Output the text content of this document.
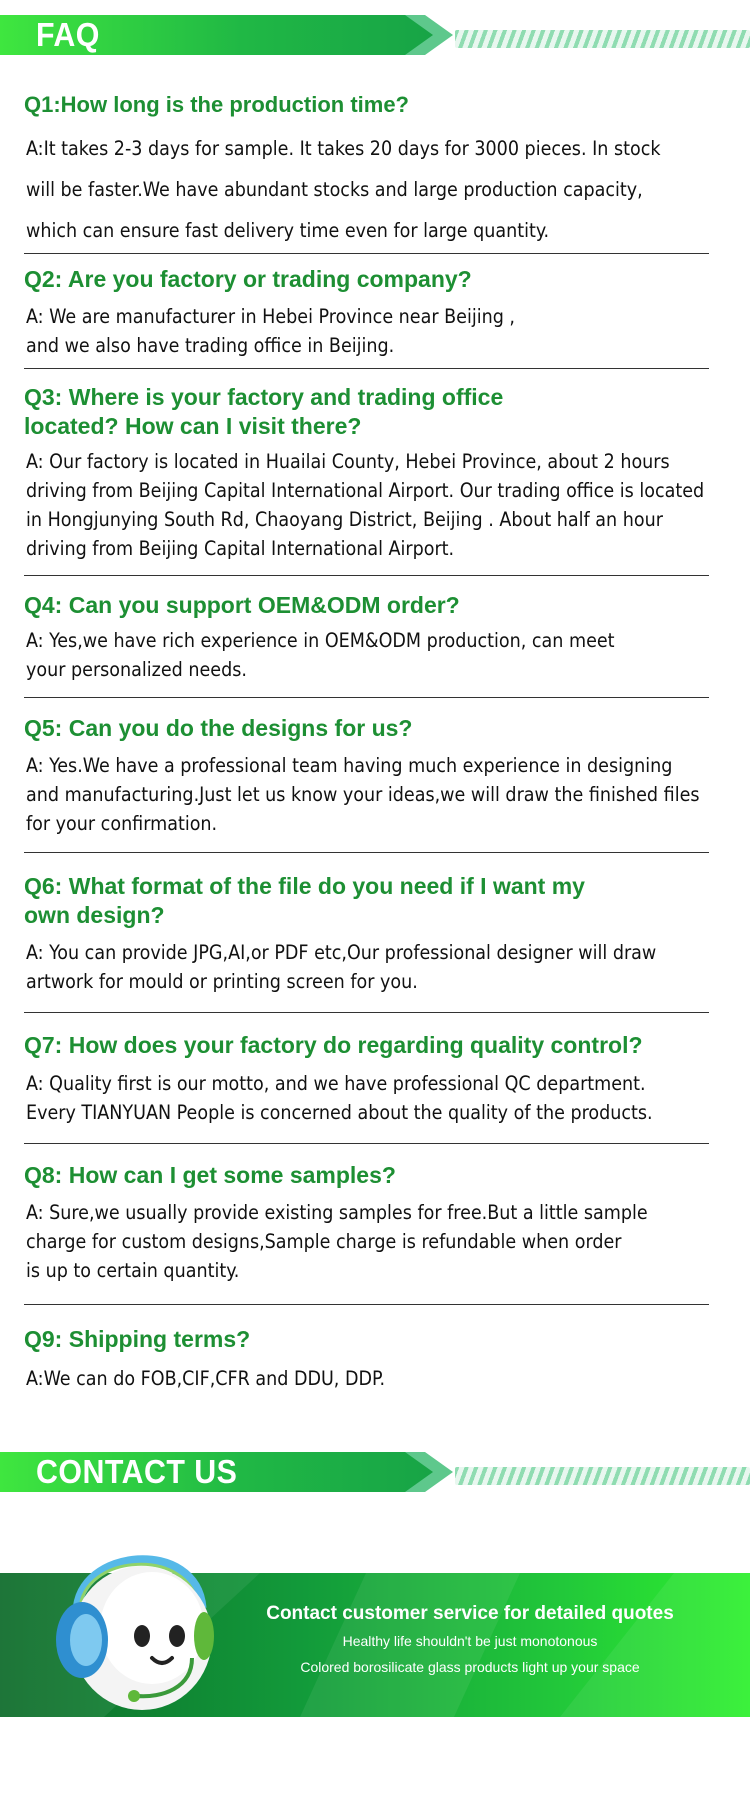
FAQ
Q1:How long is the production time?
A:It takes 2-3 days for sample. It takes 20 days for 3000 pieces. In stock
will be faster.We have abundant stocks and large production capacity,
which can ensure fast delivery time even for large quantity.
Q2: Are you factory or trading company?
A: We are manufacturer in Hebei Province near Beijing ,
and we also have trading office in Beijing.
Q3: Where is your factory and trading office
located? How can I visit there?
A: Our factory is located in Huailai County, Hebei Province, about 2 hours
driving from Beijing Capital International Airport. Our trading office is located
in Hongjunying South Rd, Chaoyang District, Beijing . About half an hour
driving from Beijing Capital International Airport.
Q4: Can you support OEM&ODM order?
A: Yes,we have rich experience in OEM&ODM production, can meet
your personalized needs.
Q5: Can you do the designs for us?
A: Yes.We have a professional team having much experience in designing
and manufacturing.Just let us know your ideas,we will draw the finished files
for your confirmation.
Q6: What format of the file do you need if I want my
own design?
A: You can provide JPG,AI,or PDF etc,Our professional designer will draw
artwork for mould or printing screen for you.
Q7: How does your factory do regarding quality control?
A: Quality first is our motto, and we have professional QC department.
Every TIANYUAN People is concerned about the quality of the products.
Q8: How can I get some samples?
A: Sure,we usually provide existing samples for free.But a little sample
charge for custom designs,Sample charge is refundable when order
is up to certain quantity.
Q9: Shipping terms?
A:We can do FOB,CIF,CFR and DDU, DDP.
CONTACT US
Contact customer service for detailed quotes
Healthy life shouldn't be just monotonous
Colored borosilicate glass products light up your space
